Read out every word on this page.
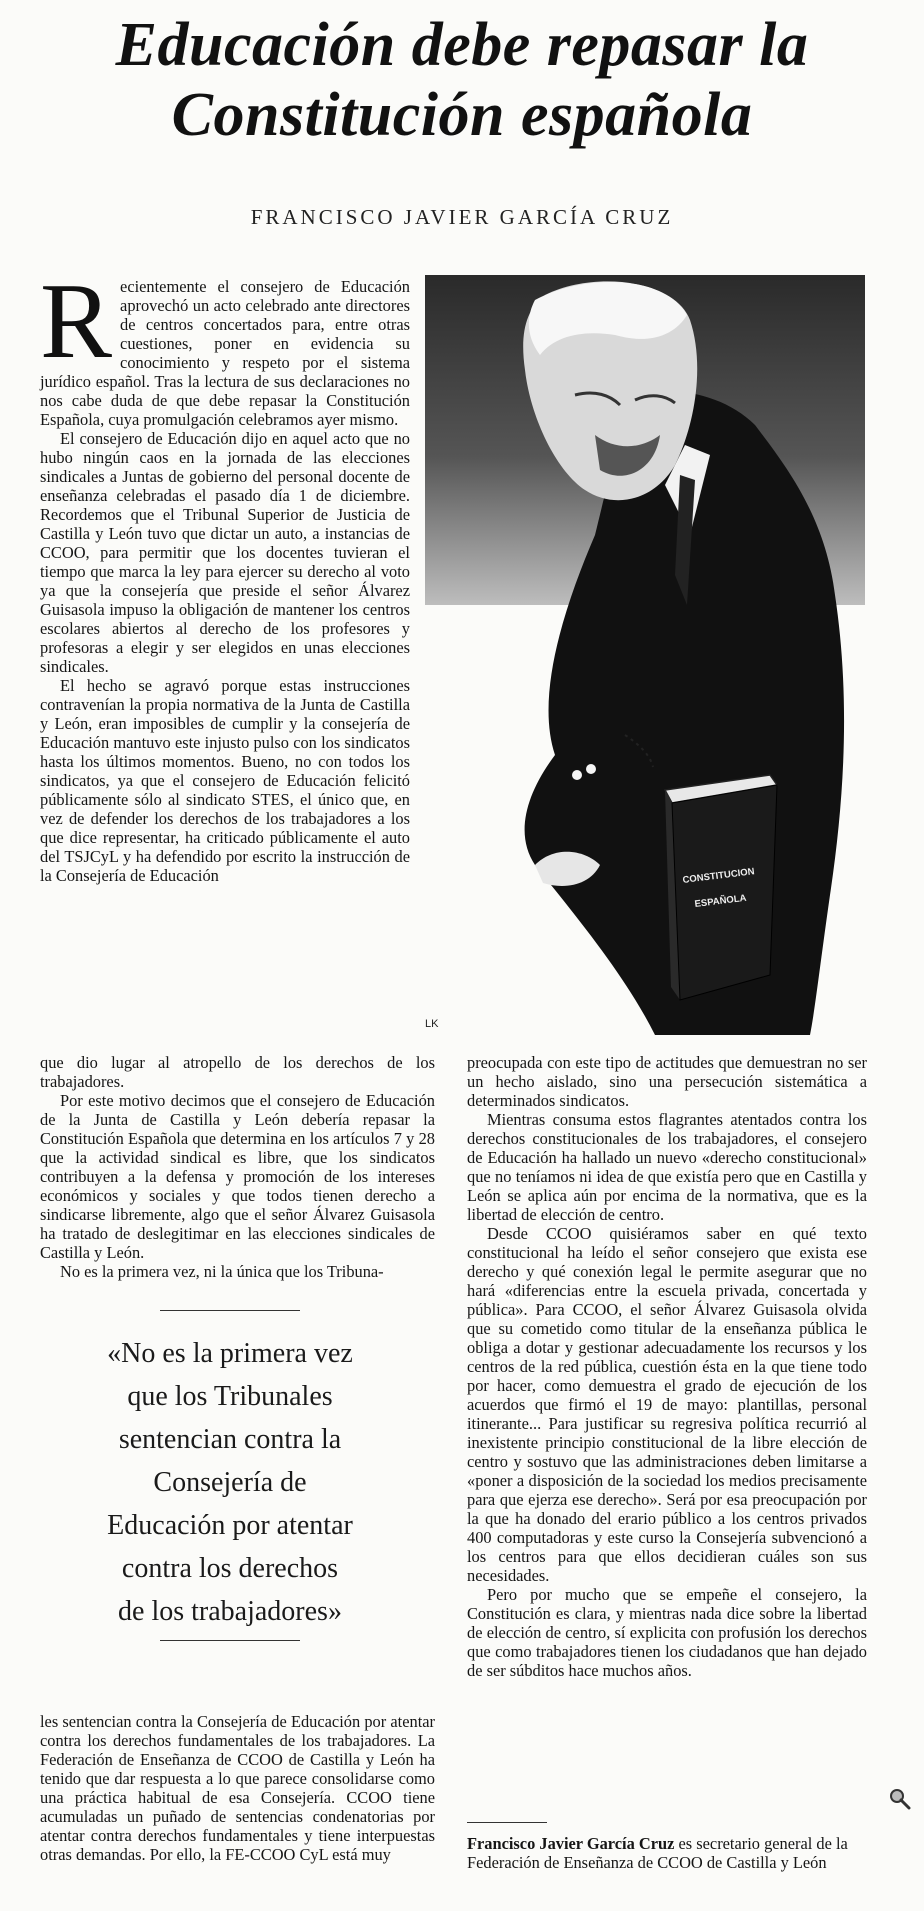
Educación debe repasar la
Constitución española
FRANCISCO JAVIER GARCÍA CRUZ
CONSTITUCION
ESPAÑOLA
LK
R ecientemente el consejero de Educación aprovechó un acto celebrado ante directores de centros concertados para, entre otras cuestiones, poner en evidencia su conocimiento y respeto por el sistema jurídico español. Tras la lectura de sus declaraciones no nos cabe duda de que debe repasar la Constitución Española, cuya promulgación celebramos ayer mismo.

El consejero de Educación dijo en aquel acto que no hubo ningún caos en la jornada de las elecciones sindicales a Juntas de gobierno del personal docente de enseñanza celebradas el pasado día 1 de diciembre. Recordemos que el Tribunal Superior de Justicia de Castilla y León tuvo que dictar un auto, a instancias de CCOO, para permitir que los docentes tuvieran el tiempo que marca la ley para ejercer su derecho al voto ya que la consejería que preside el señor Álvarez Guisasola impuso la obligación de mantener los centros escolares abiertos al derecho de los profesores y profesoras a elegir y ser elegidos en unas elecciones sindicales.

El hecho se agravó porque estas instrucciones contravenían la propia normativa de la Junta de Castilla y León, eran imposibles de cumplir y la consejería de Educación mantuvo este injusto pulso con los sindicatos hasta los últimos momentos. Bueno, no con todos los sindicatos, ya que el consejero de Educación felicitó públicamente sólo al sindicato STES, el único que, en vez de defender los derechos de los trabajadores a los que dice representar, ha criticado públicamente el auto del TSJCyL y ha defendido por escrito la instrucción de la Consejería de Educación

que dio lugar al atropello de los derechos de los trabajadores.

Por este motivo decimos que el consejero de Educación de la Junta de Castilla y León debería repasar la Constitución Española que determina en los artículos 7 y 28 que la actividad sindical es libre, que los sindicatos contribuyen a la defensa y promoción de los intereses económicos y sociales y que todos tienen derecho a sindicarse libremente, algo que el señor Álvarez Guisasola ha tratado de deslegitimar en las elecciones sindicales de Castilla y León.

No es la primera vez, ni la única que los Tribuna-

«No es la primera vez
que los Tribunales
sentencian contra la
Consejería de
Educación por atentar
contra los derechos
de los trabajadores»

les sentencian contra la Consejería de Educación por atentar contra los derechos fundamentales de los trabajadores. La Federación de Enseñanza de CCOO de Castilla y León ha tenido que dar respuesta a lo que parece consolidarse como una práctica habitual de esa Consejería. CCOO tiene acumuladas un puñado de sentencias condenatorias por atentar contra derechos fundamentales y tiene interpuestas otras demandas. Por ello, la FE-CCOO CyL está muy

preocupada con este tipo de actitudes que demuestran no ser un hecho aislado, sino una persecución sistemática a determinados sindicatos.

Mientras consuma estos flagrantes atentados contra los derechos constitucionales de los trabajadores, el consejero de Educación ha hallado un nuevo «derecho constitucional» que no teníamos ni idea de que existía pero que en Castilla y León se aplica aún por encima de la normativa, que es la libertad de elección de centro.

Desde CCOO quisiéramos saber en qué texto constitucional ha leído el señor consejero que exista ese derecho y qué conexión legal le permite asegurar que no hará «diferencias entre la escuela privada, concertada y pública». Para CCOO, el señor Álvarez Guisasola olvida que su cometido como titular de la enseñanza pública le obliga a dotar y gestionar adecuadamente los recursos y los centros de la red pública, cuestión ésta en la que tiene todo por hacer, como demuestra el grado de ejecución de los acuerdos que firmó el 19 de mayo: plantillas, personal itinerante... Para justificar su regresiva política recurrió al inexistente principio constitucional de la libre elección de centro y sostuvo que las administraciones deben limitarse a «poner a disposición de la sociedad los medios precisamente para que ejerza ese derecho». Será por esa preocupación por la que ha donado del erario público a los centros privados 400 computadoras y este curso la Consejería subvencionó a los centros para que ellos decidieran cuáles son sus necesidades.

Pero por mucho que se empeñe el consejero, la Constitución es clara, y mientras nada dice sobre la libertad de elección de centro, sí explicita con profusión los derechos que como trabajadores tienen los ciudadanos que han dejado de ser súbditos hace muchos años.

Francisco Javier García Cruz es secretario general de la Federación de Enseñanza de CCOO de Castilla y León
